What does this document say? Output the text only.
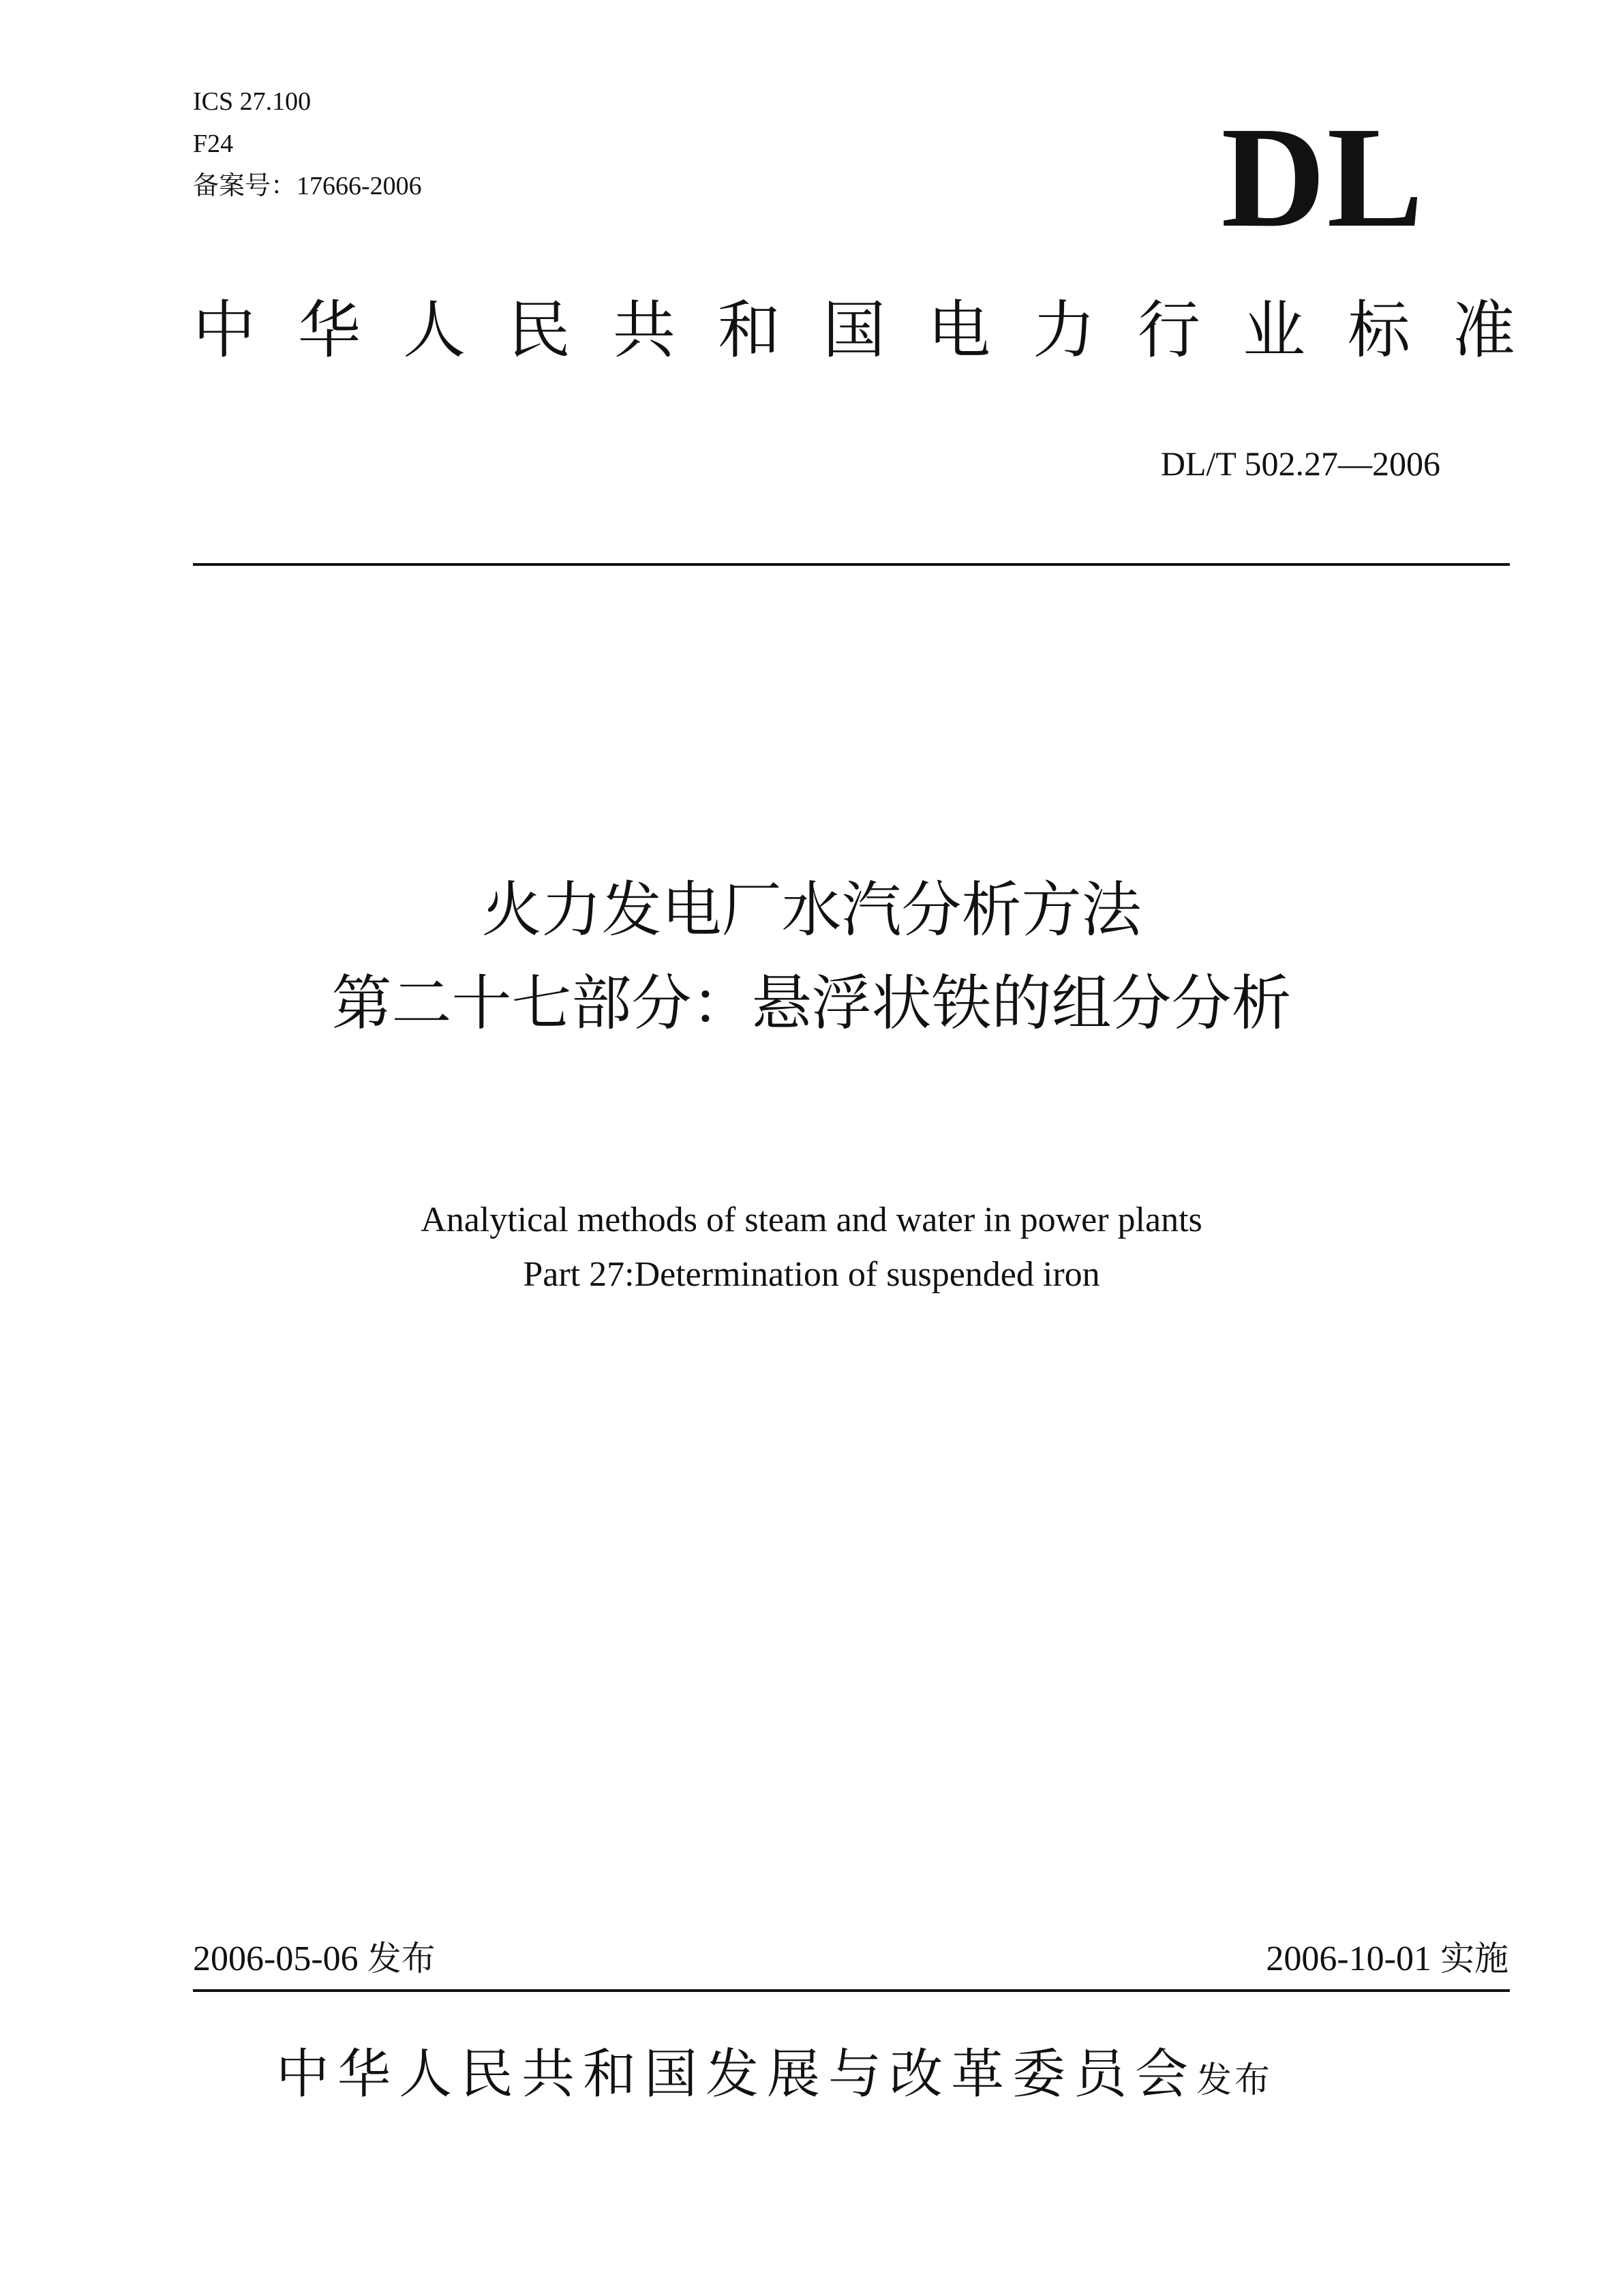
ICS 27.100
F24
备案号：17666-2006	DL
中华人民共和国电力行业标准
DL/T 502.27—2006
火力发电厂水汽分析方法
第二十七部分：悬浮状铁的组分分析
Analytical methods of steam and water in power plants
Part 27:Determination of suspended iron
2006-05-06 发布	2006-10-01 实施
中华人民共和国发展与改革委员会发布
